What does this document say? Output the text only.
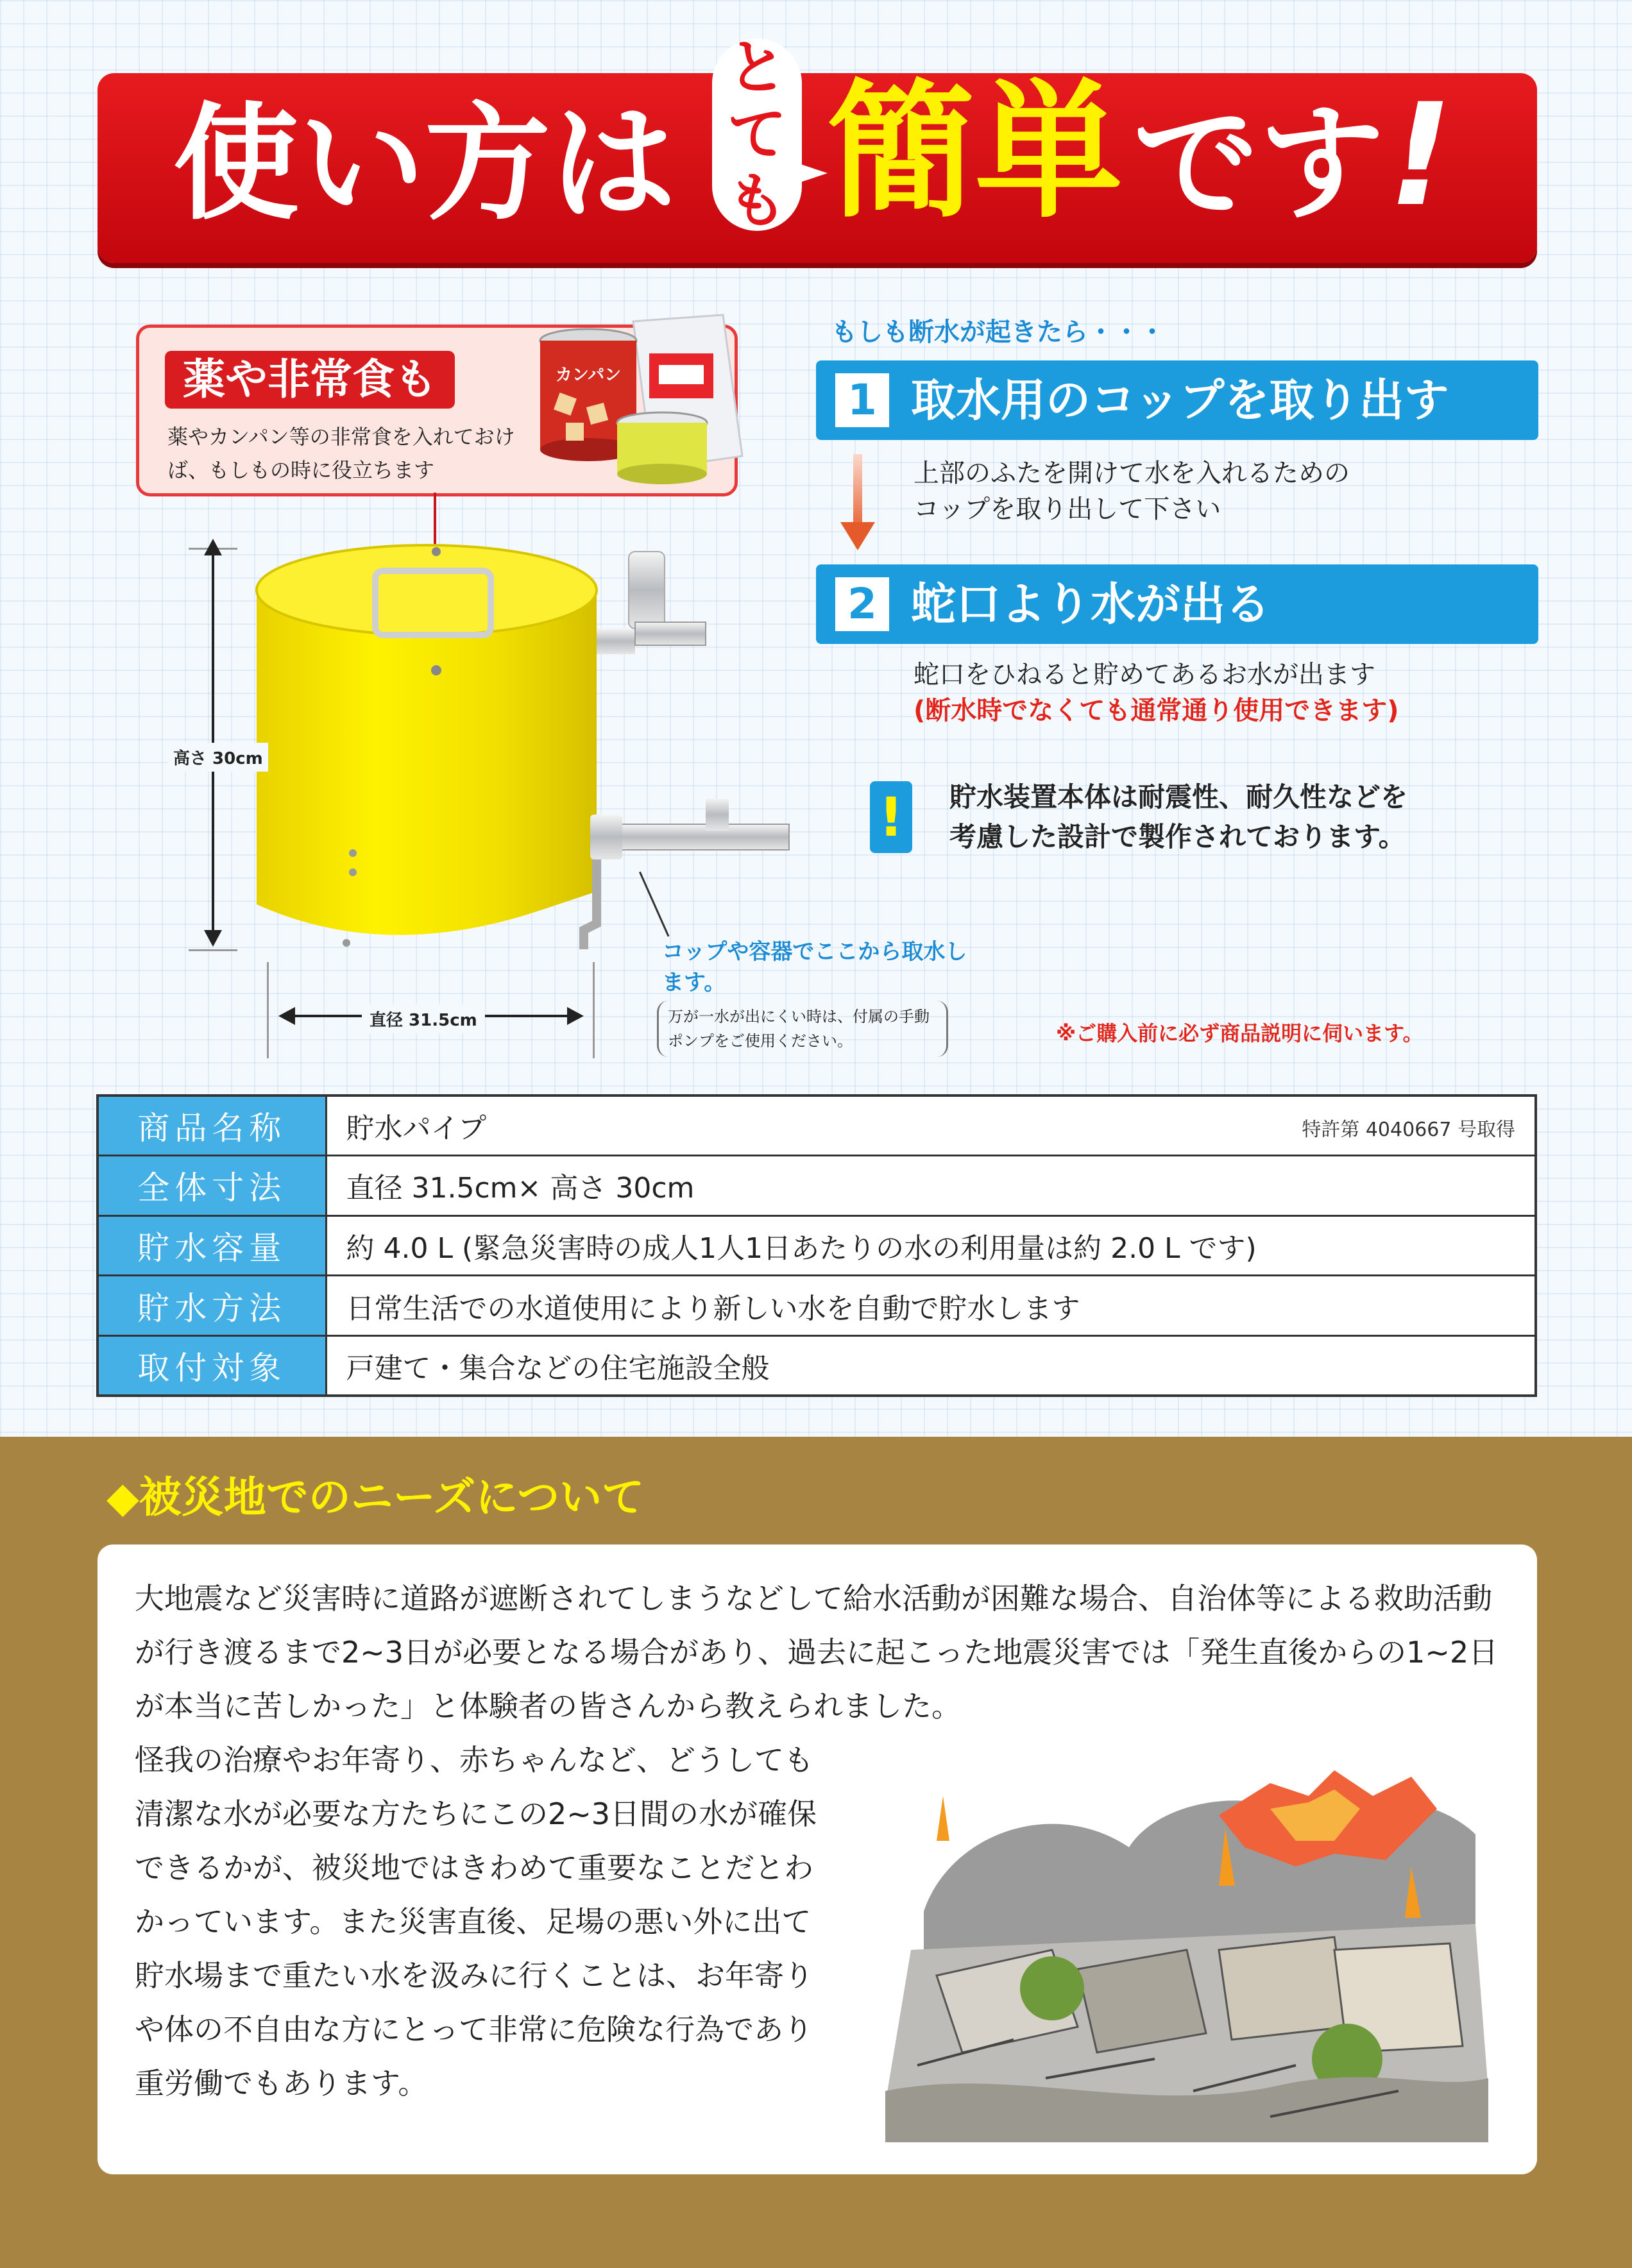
使い方は 簡単 です !
と
て
も
薬や非常食も
薬やカンパン等の非常食を入れておけば、もしもの時に役立ちます
カンパン
高さ 30cm
直径 31.5cm
コップや容器でここから取水します。
万が一水が出にくい時は、付属の手動ポンプをご使用ください。
もしも断水が起きたら・・・
1 取水用のコップを取り出す
上部のふたを開けて水を入れるための
コップを取り出して下さい
2 蛇口より水が出る
蛇口をひねると貯めてあるお水が出ます
(断水時でなくても通常通り使用できます)
!	貯水装置本体は耐震性、耐久性などを
考慮した設計で製作されております。
※ご購入前に必ず商品説明に伺います。
商品名称	貯水パイプ 特許第 4040667 号取得

全体寸法	直径 31.5cm× 高さ 30cm
貯水容量	約 4.0 L (緊急災害時の成人1人1日あたりの水の利用量は約 2.0 L です)
貯水方法	日常生活での水道使用により新しい水を自動で貯水します
取付対象	戸建て・集合などの住宅施設全般
◆被災地でのニーズについて
大地震など災害時に道路が遮断されてしまうなどして給水活動が困難な場合、自治体等による救助活動が行き渡るまで2~3日が必要となる場合があり、過去に起こった地震災害では「発生直後からの1~2日が本当に苦しかった」と体験者の皆さんから教えられました。
怪我の治療やお年寄り、赤ちゃんなど、どうしても清潔な水が必要な方たちにこの2~3日間の水が確保できるかが、被災地ではきわめて重要なことだとわかっています。また災害直後、足場の悪い外に出て貯水場まで重たい水を汲みに行くことは、お年寄りや体の不自由な方にとって非常に危険な行為であり重労働でもあります。
